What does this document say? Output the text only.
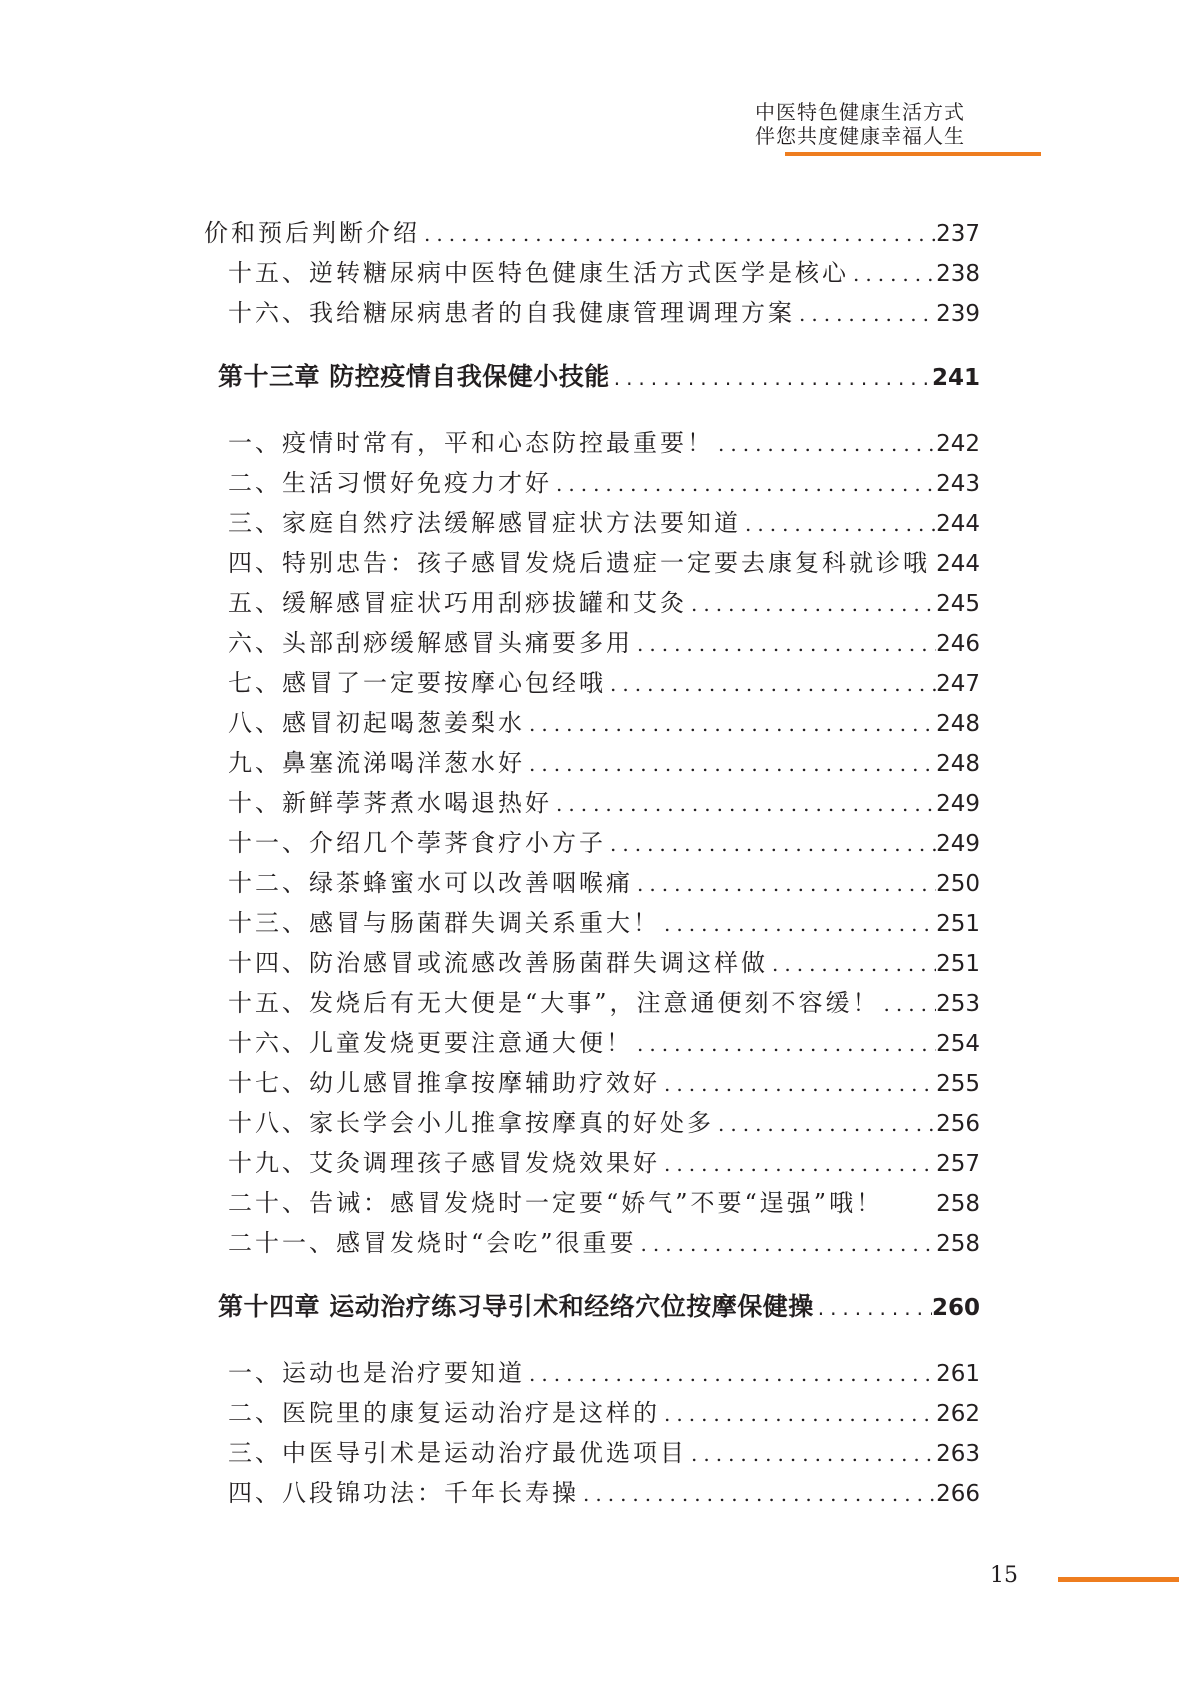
中医特色健康生活方式
伴您共度健康幸福人生
价和预后判断介绍 .....	237
十五、逆转糖尿病中医特色健康生活方式医学是核心 .....	238
十六、我给糖尿病患者的自我健康管理调理方案 .....	239
第十三章 防控疫情自我保健小技能 .....	241
一、疫情时常有，平和心态防控最重要！ .....	242
二、生活习惯好免疫力才好 .....	243
三、家庭自然疗法缓解感冒症状方法要知道 .....	244
四、特别忠告：孩子感冒发烧后遗症一定要去康复科就诊哦 244
五、缓解感冒症状巧用刮痧拔罐和艾灸 .....	245
六、头部刮痧缓解感冒头痛要多用 .....	246
七、感冒了一定要按摩心包经哦 .....	247
八、感冒初起喝葱姜梨水 .....	248
九、鼻塞流涕喝洋葱水好 .....	248
十、新鲜荸荠煮水喝退热好 .....	249
十一、介绍几个荸荠食疗小方子 .....	249
十二、绿茶蜂蜜水可以改善咽喉痛 .....	250
十三、感冒与肠菌群失调关系重大！ .....	251
十四、防治感冒或流感改善肠菌群失调这样做 .....	251
十五、发烧后有无大便是“大事”，注意通便刻不容缓！ ..... 253
十六、儿童发烧更要注意通大便！ .....	254
十七、幼儿感冒推拿按摩辅助疗效好 .....	255
十八、家长学会小儿推拿按摩真的好处多 .....	256
十九、艾灸调理孩子感冒发烧效果好 .....	257
二十、告诫：感冒发烧时一定要“娇气”不要“逞强”哦！ 258
二十一、感冒发烧时“会吃”很重要 .....	258
第十四章 运动治疗练习导引术和经络穴位按摩保健操 .....	260
一、运动也是治疗要知道 .....	261
二、医院里的康复运动治疗是这样的 .....	262
三、中医导引术是运动治疗最优选项目 .....	263
四、八段锦功法：千年长寿操 .....	266
15
